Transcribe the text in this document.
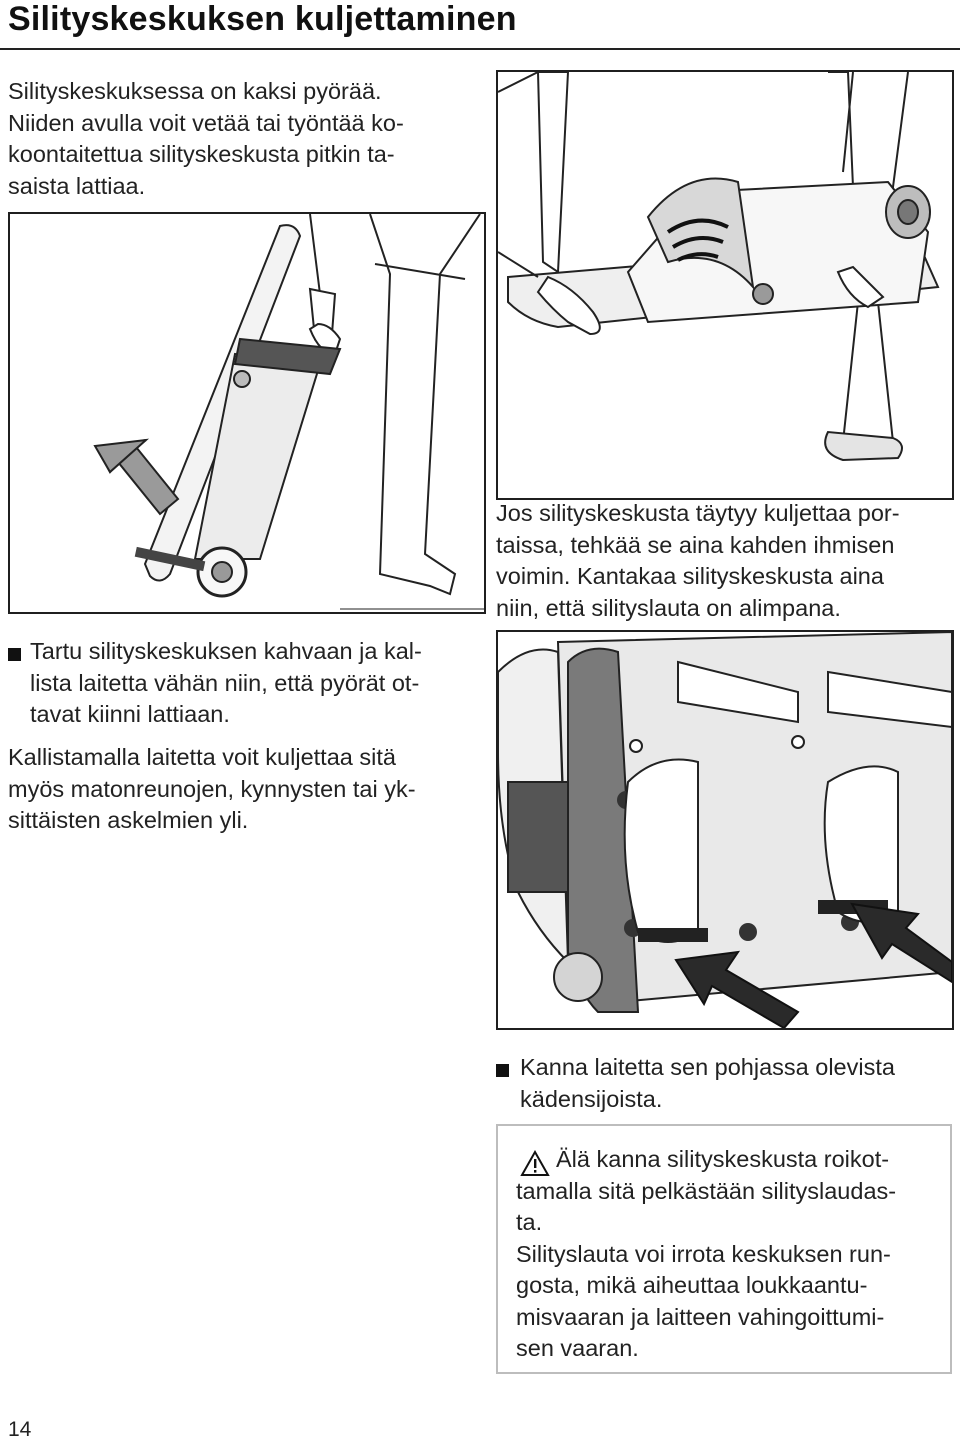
Silityskeskuksen kuljettaminen

Silityskeskuksessa on kaksi pyörää.
Niiden avulla voit vetää tai työntää ko-
koontaitettua silityskeskusta pitkin ta-
saista lattiaa.

Jos silityskeskusta täytyy kuljettaa por-
taissa, tehkää se aina kahden ihmisen
voimin. Kantakaa silityskeskusta aina
niin, että silityslauta on alimpana.

Tartu silityskeskuksen kahvaan ja kal-
lista laitetta vähän niin, että pyörät ot-
tavat kiinni lattiaan.

Kallistamalla laitetta voit kuljettaa sitä
myös matonreunojen, kynnysten tai yk-
sittäisten askelmien yli.

Kanna laitetta sen pohjassa olevista
kädensijoista.

Älä kanna silityskeskusta roikot-

tamalla sitä pelkästään silityslaudas-
ta.
Silityslauta voi irrota keskuksen run-
gosta, mikä aiheuttaa loukkaantu-
misvaaran ja laitteen vahingoittumi-
sen vaaran.

14
